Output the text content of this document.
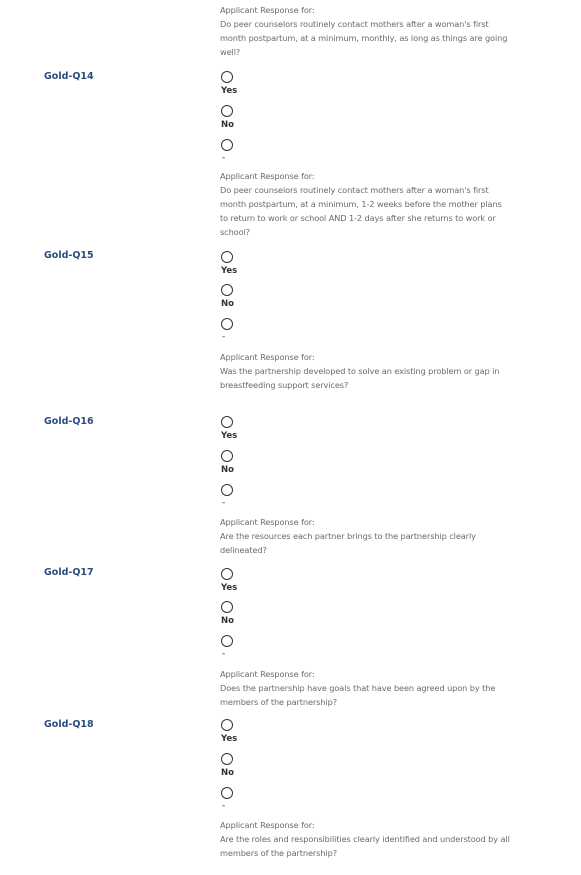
Applicant Response for:
Do peer counselors routinely contact mothers after a woman's first month postpartum, at a minimum, monthly, as long as things are going well?
Gold-Q14
Yes
No
-
Applicant Response for:
Do peer counselors routinely contact mothers after a woman's first month postpartum, at a minimum, 1-2 weeks before the mother plans to return to work or school AND 1-2 days after she returns to work or school?
Gold-Q15
Yes
No
-
Applicant Response for:
Was the partnership developed to solve an existing problem or gap in breastfeeding support services?
Gold-Q16
Yes
No
-
Applicant Response for:
Are the resources each partner brings to the partnership clearly delineated?
Gold-Q17
Yes
No
-
Applicant Response for:
Does the partnership have goals that have been agreed upon by the members of the partnership?
Gold-Q18
Yes
No
-
Applicant Response for:
Are the roles and responsibilities clearly identified and understood by all members of the partnership?
